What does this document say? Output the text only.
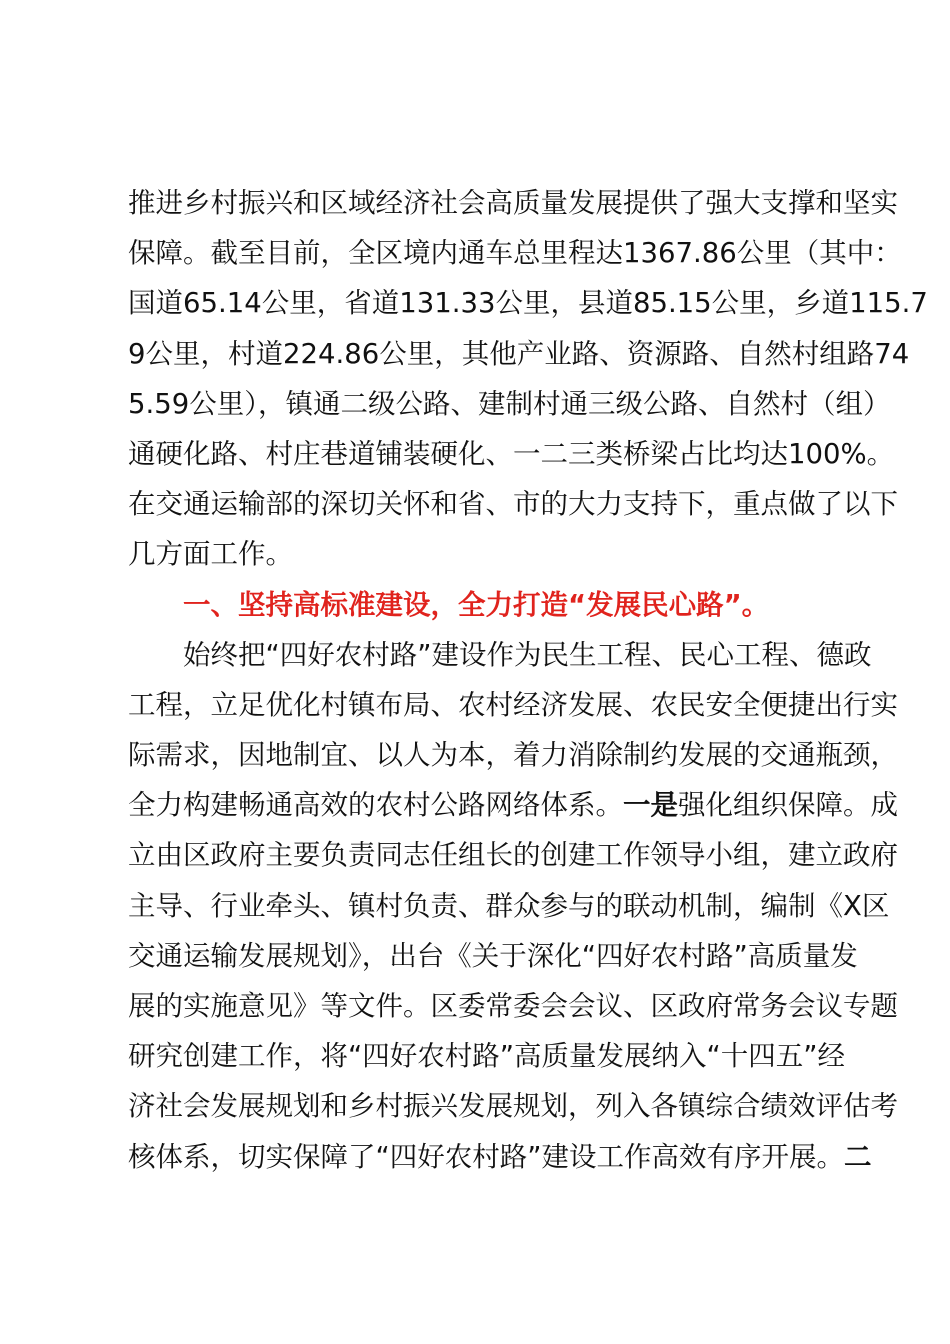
推进乡村振兴和区域经济社会高质量发展提供了强大支撑和坚实
保障。截至目前，全区境内通车总里程达1367.86公里（其中：
国道65.14公里，省道131.33公里，县道85.15公里，乡道115.7
9公里，村道224.86公里，其他产业路、资源路、自然村组路74
5.59公里），镇通二级公路、建制村通三级公路、自然村（组）
通硬化路、村庄巷道铺装硬化、一二三类桥梁占比均达100%。
在交通运输部的深切关怀和省、市的大力支持下，重点做了以下
几方面工作。
一、坚持高标准建设，全力打造“发展民心路”。
始终把“四好农村路”建设作为民生工程、民心工程、德政
工程，立足优化村镇布局、农村经济发展、农民安全便捷出行实
际需求，因地制宜、以人为本，着力消除制约发展的交通瓶颈，
全力构建畅通高效的农村公路网络体系。一是强化组织保障。成
立由区政府主要负责同志任组长的创建工作领导小组，建立政府
主导、行业牵头、镇村负责、群众参与的联动机制，编制《X区
交通运输发展规划》，出台《关于深化“四好农村路”高质量发
展的实施意见》等文件。区委常委会会议、区政府常务会议专题
研究创建工作，将“四好农村路”高质量发展纳入“十四五”经
济社会发展规划和乡村振兴发展规划，列入各镇综合绩效评估考
核体系，切实保障了“四好农村路”建设工作高效有序开展。二
